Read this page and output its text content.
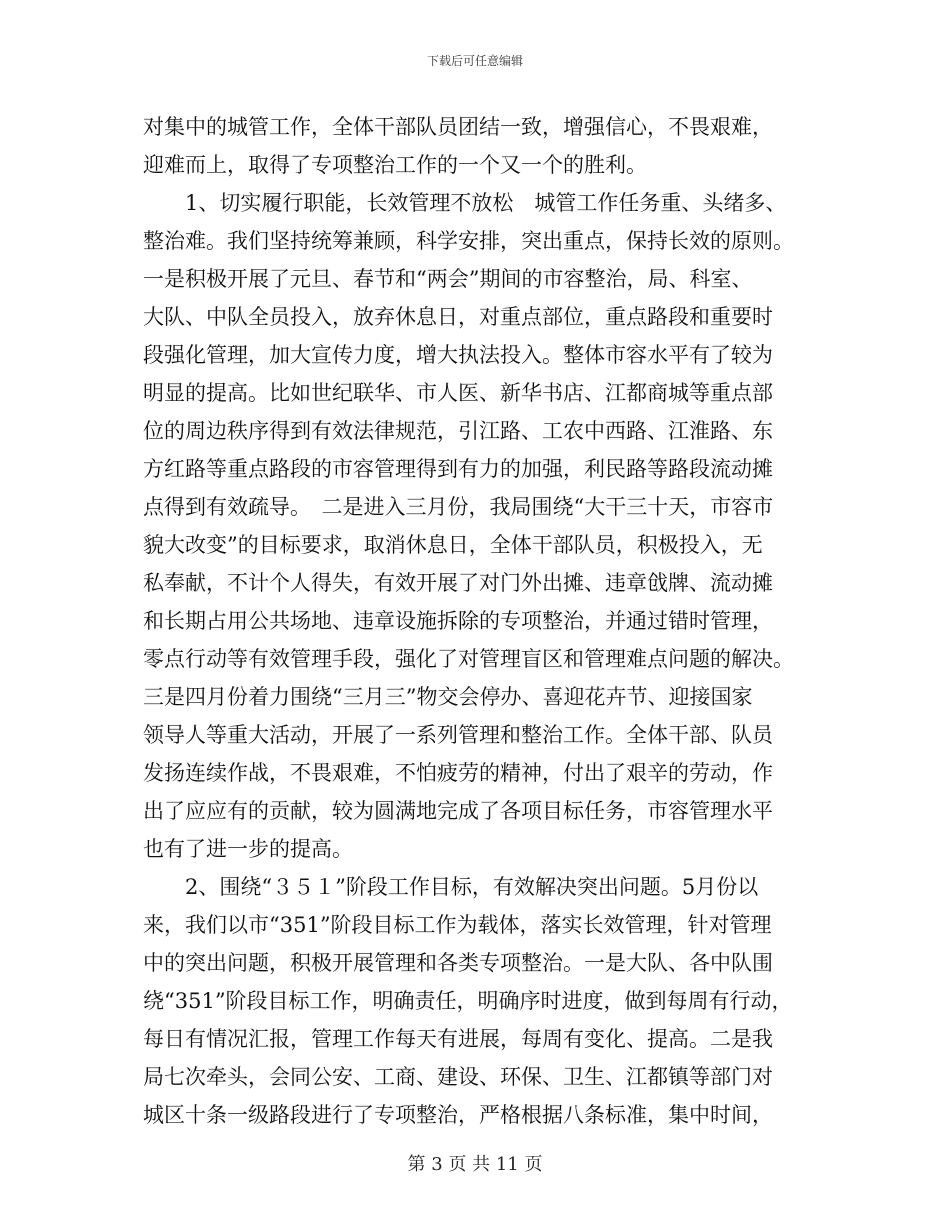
下载后可任意编辑
对集中的城管工作，全体干部队员团结一致，增强信心，不畏艰难，
迎难而上，取得了专项整治工作的一个又一个的胜利。
　　1、切实履行职能，长效管理不放松　城管工作任务重、头绪多、
整治难。我们坚持统筹兼顾，科学安排，突出重点，保持长效的原则。
一是积极开展了元旦、春节和“两会”期间的市容整治，局、科室、
大队、中队全员投入，放弃休息日，对重点部位，重点路段和重要时
段强化管理，加大宣传力度，增大执法投入。整体市容水平有了较为
明显的提高。比如世纪联华、市人医、新华书店、江都商城等重点部
位的周边秩序得到有效法律规范，引江路、工农中西路、江淮路、东
方红路等重点路段的市容管理得到有力的加强，利民路等路段流动摊
点得到有效疏导。　二是进入三月份，我局围绕“大干三十天，市容市
貌大改变”的目标要求，取消休息日，全体干部队员，积极投入，无
私奉献，不计个人得失，有效开展了对门外出摊、违章戗牌、流动摊
和长期占用公共场地、违章设施拆除的专项整治，并通过错时管理，
零点行动等有效管理手段，强化了对管理盲区和管理难点问题的解决。
三是四月份着力围绕“三月三”物交会停办、喜迎花卉节、迎接国家
领导人等重大活动，开展了一系列管理和整治工作。全体干部、队员
发扬连续作战，不畏艰难，不怕疲劳的精神，付出了艰辛的劳动，作
出了应应有的贡献，较为圆满地完成了各项目标任务，市容管理水平
也有了进一步的提高。
　　2、围绕“３５１”阶段工作目标，有效解决突出问题。5月份以
来，我们以市“351”阶段目标工作为载体，落实长效管理，针对管理
中的突出问题，积极开展管理和各类专项整治。一是大队、各中队围
绕“351”阶段目标工作，明确责任，明确序时进度，做到每周有行动，
每日有情况汇报，管理工作每天有进展，每周有变化、提高。二是我
局七次牵头，会同公安、工商、建设、环保、卫生、江都镇等部门对
城区十条一级路段进行了专项整治，严格根据八条标准，集中时间，
第 3 页 共 11 页
